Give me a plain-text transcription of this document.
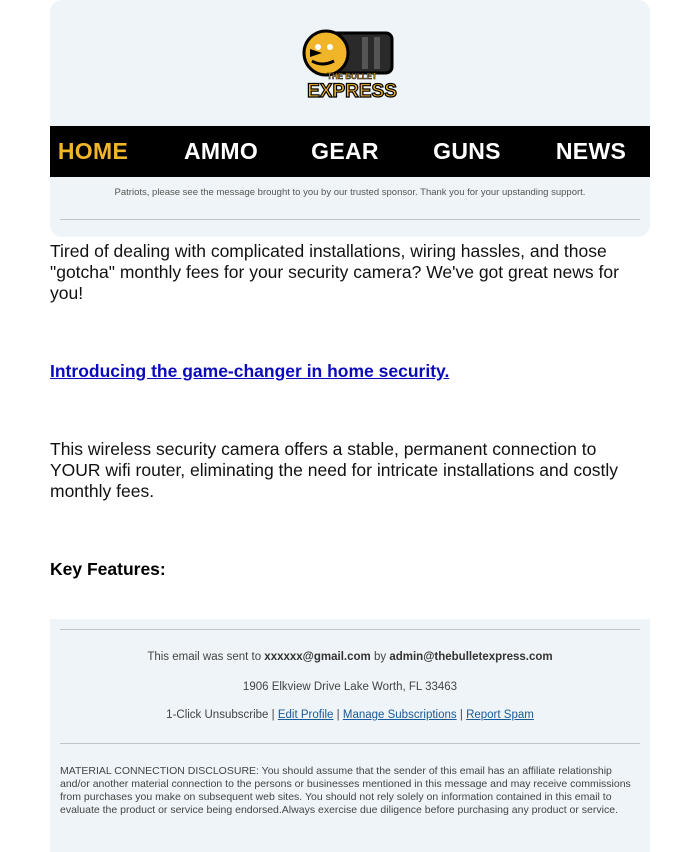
THE BULLET
EXPRESS
HOME	AMMO	GEAR	GUNS	NEWS
Patriots, please see the message brought to you by our trusted sponsor. Thank you for your upstanding support.
Tired of dealing with complicated installations, wiring hassles, and those "gotcha" monthly fees for your security camera? We've got great news for you!
Introducing the game-changer in home security.
This wireless security camera offers a stable, permanent connection to YOUR wifi router, eliminating the need for intricate installations and costly monthly fees.
Key Features:
This email was sent to xxxxxx@gmail.com by admin@thebulletexpress.com
1906 Elkview Drive Lake Worth, FL 33463
1-Click Unsubscribe | Edit Profile | Manage Subscriptions | Report Spam
MATERIAL CONNECTION DISCLOSURE: You should assume that the sender of this email has an affiliate relationship and/or another material connection to the persons or businesses mentioned in this message and may receive commissions from purchases you make on subsequent web sites. You should not rely solely on information contained in this email to evaluate the product or service being endorsed.Always exercise due diligence before purchasing any product or service.
